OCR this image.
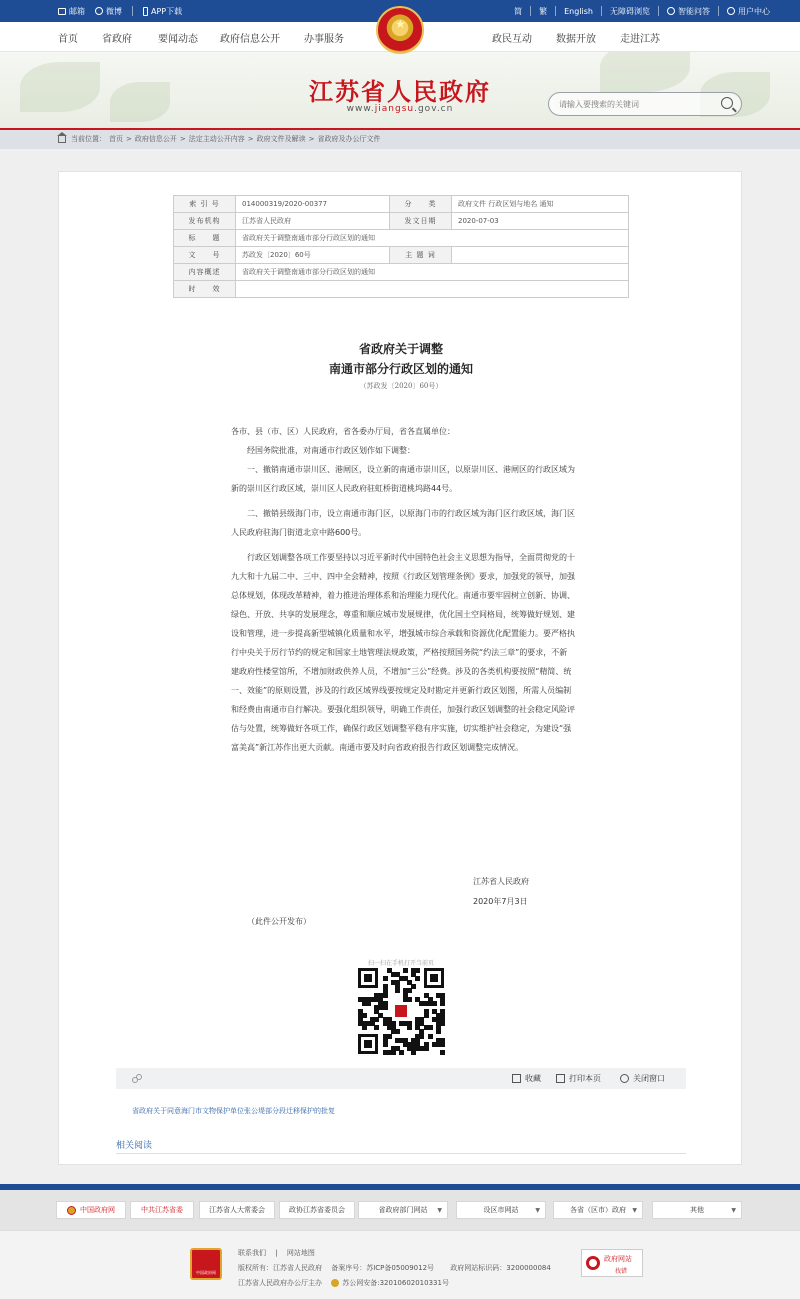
邮箱	微博	APP下载	简 繁 English 无障碍浏览	智能问答	用户中心
首页 省政府	要闻动态 政府信息公开 办事服务	政民互动 数据开放 走进江苏
★
江苏省人民政府
www.jiangsu.gov.cn
请输入要搜索的关键词
当前位置： 首页 > 政府信息公开 > 法定主动公开内容 > 政府文件及解读 > 省政府及办公厅文件
索 引 号	014000319/2020-00377	分　　类	政府文件 行政区划与地名 通知
发布机构	江苏省人民政府	发文日期	2020-07-03
标　　题	省政府关于调整南通市部分行政区划的通知		
文　　号	苏政发〔2020〕60号	主 题 词	
内容概述	省政府关于调整南通市部分行政区划的通知		
时　　效			
省政府关于调整
南通市部分行政区划的通知
（苏政发〔2020〕60号）

各市、县（市、区）人民政府，省各委办厅局，省各直属单位：

经国务院批准，对南通市行政区划作如下调整：

一、撤销南通市崇川区、港闸区，设立新的南通市崇川区，以原崇川区、港闸区的行政区域为新的崇川区行政区域，崇川区人民政府驻虹桥街道桃坞路44号。

二、撤销县级海门市，设立南通市海门区，以原海门市的行政区域为海门区行政区域，海门区人民政府驻海门街道北京中路600号。

行政区划调整各项工作要坚持以习近平新时代中国特色社会主义思想为指导，全面贯彻党的十九大和十九届二中、三中、四中全会精神，按照《行政区划管理条例》要求，加强党的领导，加强总体规划，体现改革精神，着力推进治理体系和治理能力现代化。南通市要牢固树立创新、协调、绿色、开放、共享的发展理念，尊重和顺应城市发展规律，优化国土空间格局，统筹做好规划、建设和管理，进一步提高新型城镇化质量和水平，增强城市综合承载和资源优化配置能力。要严格执行中央关于厉行节约的规定和国家土地管理法规政策，严格按照国务院“约法三章”的要求，不新建政府性楼堂馆所，不增加财政供养人员，不增加“三公”经费。涉及的各类机构要按照“精简、统一、效能”的原则设置，涉及的行政区域界线要按规定及时勘定并更新行政区划图，所需人员编制和经费由南通市自行解决。要强化组织领导，明确工作责任，加强行政区划调整的社会稳定风险评估与处置，统筹做好各项工作，确保行政区划调整平稳有序实施，切实维护社会稳定，为建设“强富美高”新江苏作出更大贡献。南通市要及时向省政府报告行政区划调整完成情况。

江苏省人民政府
2020年7月3日
（此件公开发布）
扫一扫在手机打开当前页
收藏	打印本页	关闭窗口
省政府关于同意海门市文物保护单位张公堤部分段迁移保护的批复
相关阅读
中国政府网	中共江苏省委	江苏省人大常委会	政协江苏省委员会	省政府部门网站 ▼	设区市网站	▼	各省（区市）政府 ▼	其他	▼
中国政府网
联系我们 　|　 网站地图
版权所有：江苏省人民政府　 备案序号：苏ICP备05009012号　　 政府网站标识码：3200000084
江苏省人民政府办公厅主办　	苏公网安备:32010602010331号
政府网站
找错
